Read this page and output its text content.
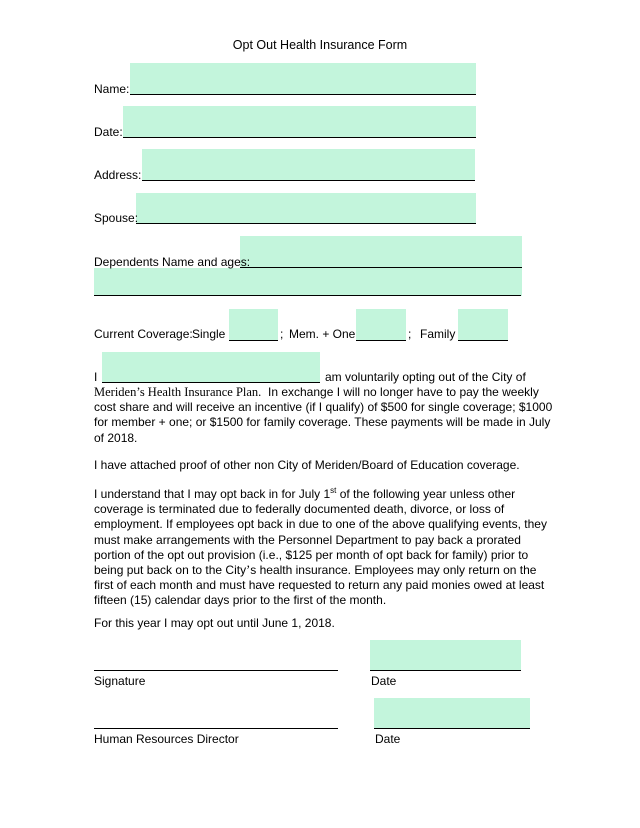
Opt Out Health Insurance Form
Name:
Date:
Address:
Spouse:
Dependents Name and ages:
Current Coverage: Single	; Mem. + One	; Family
I	am voluntarily opting out of the City of
Meriden’s Health Insurance Plan. In exchange I will no longer have to pay the weekly cost share and will receive an incentive (if I qualify) of $500 for single coverage; $1000 for member + one; or $1500 for family coverage. These payments will be made in July of 2018.
I have attached proof of other non City of Meriden/Board of Education coverage.
I understand that I may opt back in for July 1st of the following year unless other coverage is terminated due to federally documented death, divorce, or loss of employment. If employees opt back in due to one of the above qualifying events, they must make arrangements with the Personnel Department to pay back a prorated portion of the opt out provision (i.e., $125 per month of opt back for family) prior to being put back on to the City’s health insurance. Employees may only return on the first of each month and must have requested to return any paid monies owed at least fifteen (15) calendar days prior to the first of the month.
For this year I may opt out until June 1, 2018.
Signature	Date
Human Resources Director	Date
